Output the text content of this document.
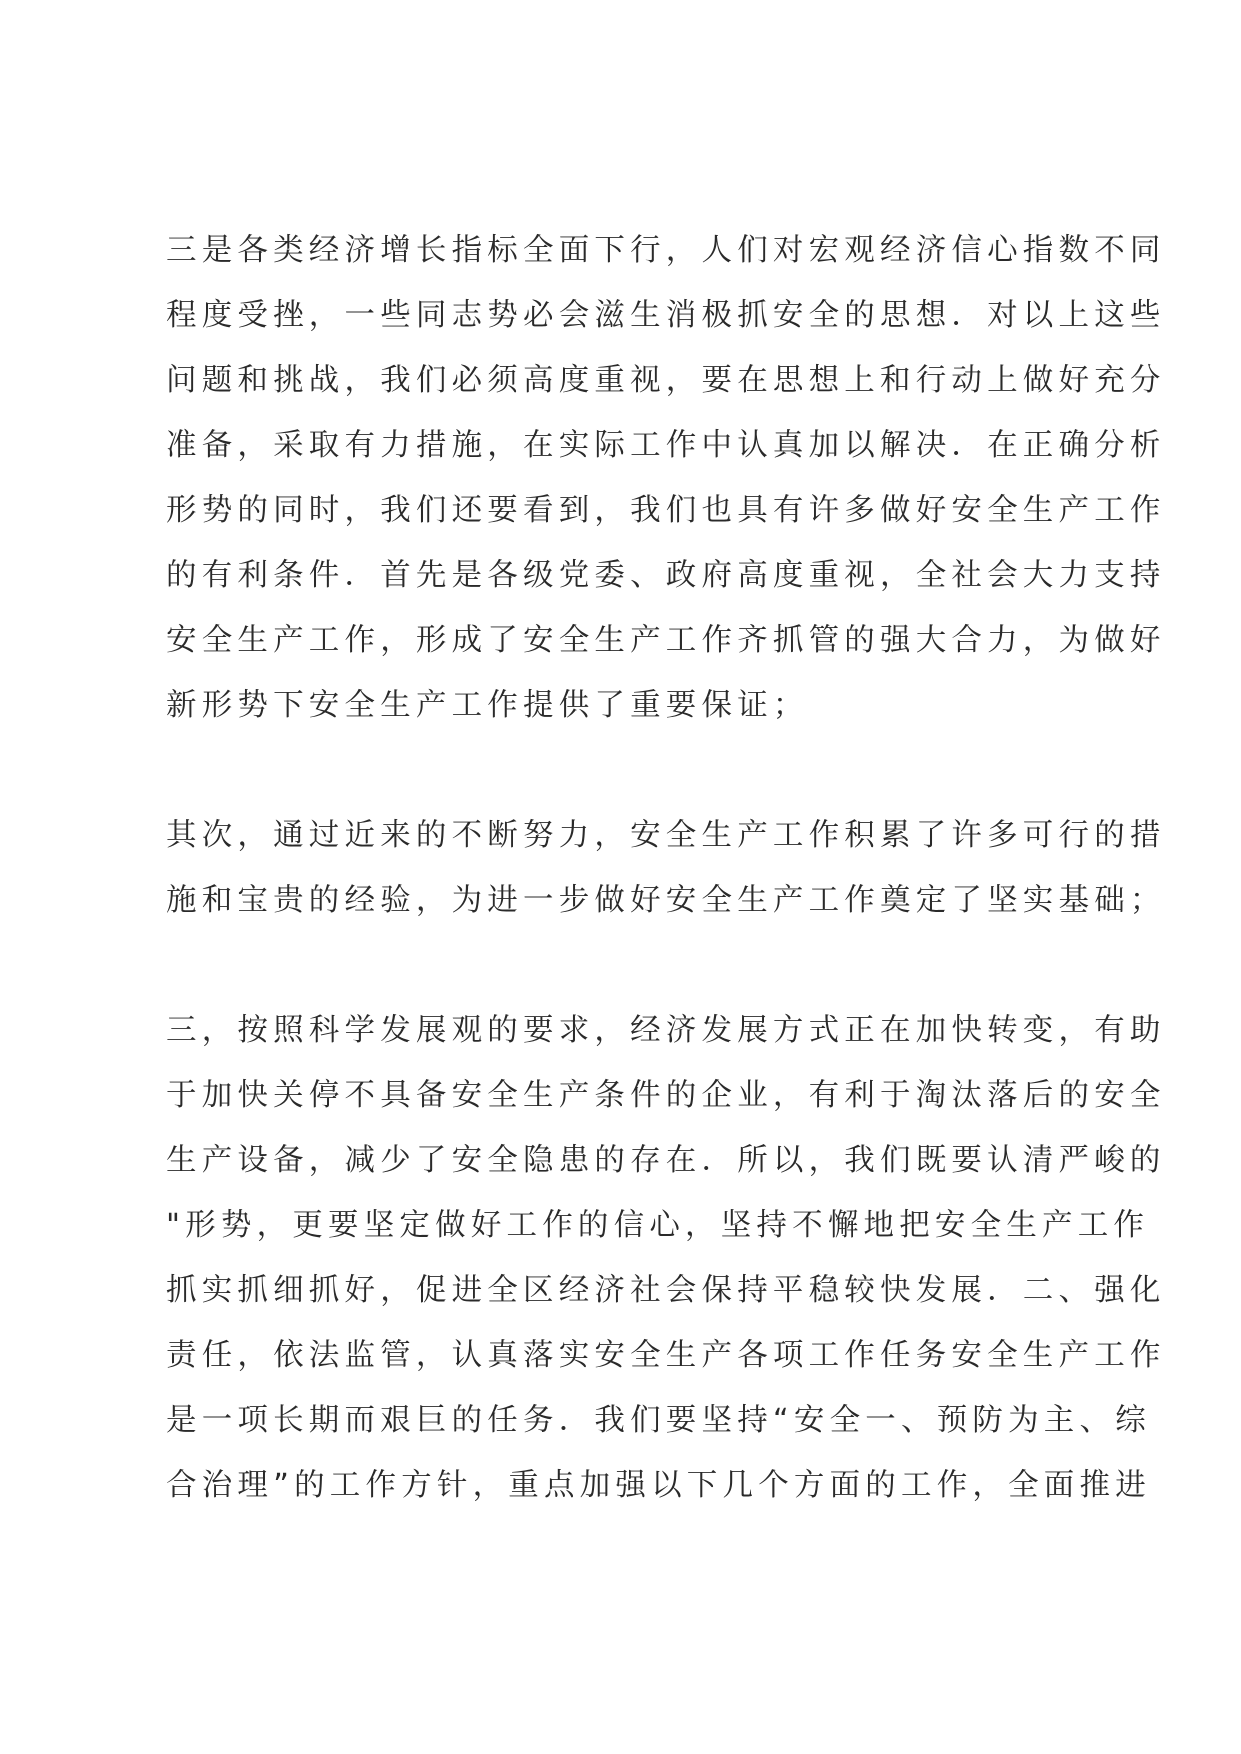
三是各类经济增长指标全面下行，人们对宏观经济信心指数不同
程度受挫，一些同志势必会滋生消极抓安全的思想．对以上这些
问题和挑战，我们必须高度重视，要在思想上和行动上做好充分
准备，采取有力措施，在实际工作中认真加以解决．在正确分析
形势的同时，我们还要看到，我们也具有许多做好安全生产工作
的有利条件．首先是各级党委、政府高度重视，全社会大力支持
安全生产工作，形成了安全生产工作齐抓管的强大合力，为做好
新形势下安全生产工作提供了重要保证；

其次，通过近来的不断努力，安全生产工作积累了许多可行的措
施和宝贵的经验，为进一步做好安全生产工作奠定了坚实基础；

三，按照科学发展观的要求，经济发展方式正在加快转变，有助
于加快关停不具备安全生产条件的企业，有利于淘汰落后的安全
生产设备，减少了安全隐患的存在．所以，我们既要认清严峻的
"形势，更要坚定做好工作的信心，坚持不懈地把安全生产工作
抓实抓细抓好，促进全区经济社会保持平稳较快发展．二、强化
责任，依法监管，认真落实安全生产各项工作任务安全生产工作
是一项长期而艰巨的任务．我们要坚持“安全一、预防为主、综
合治理”的工作方针，重点加强以下几个方面的工作，全面推进
